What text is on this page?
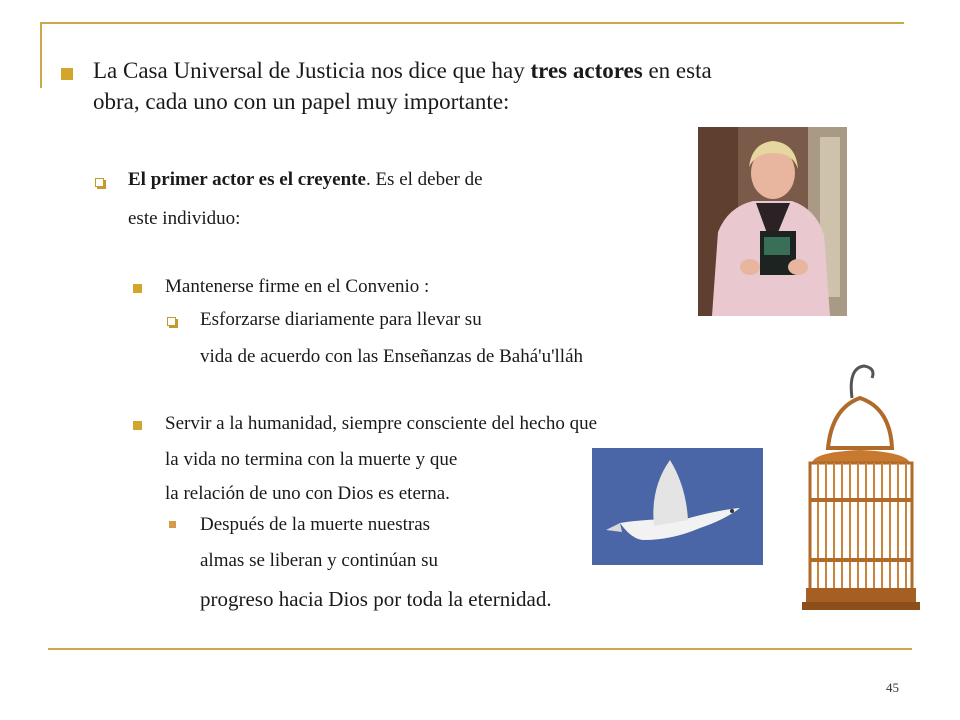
La Casa Universal de Justicia nos dice que hay tres actores en esta
obra, cada uno con un papel muy importante:
El primer actor es el creyente. Es el deber de
este individuo:
Mantenerse firme en el Convenio :
Esforzarse diariamente para llevar su
vida de acuerdo con las Enseñanzas de Bahá'u'lláh
Servir a la humanidad, siempre consciente del hecho que
la vida no termina con la muerte y que
la relación de uno con Dios es eterna.
Después de la muerte nuestras
almas se liberan y continúan su
progreso hacia Dios por toda la eternidad.
45
